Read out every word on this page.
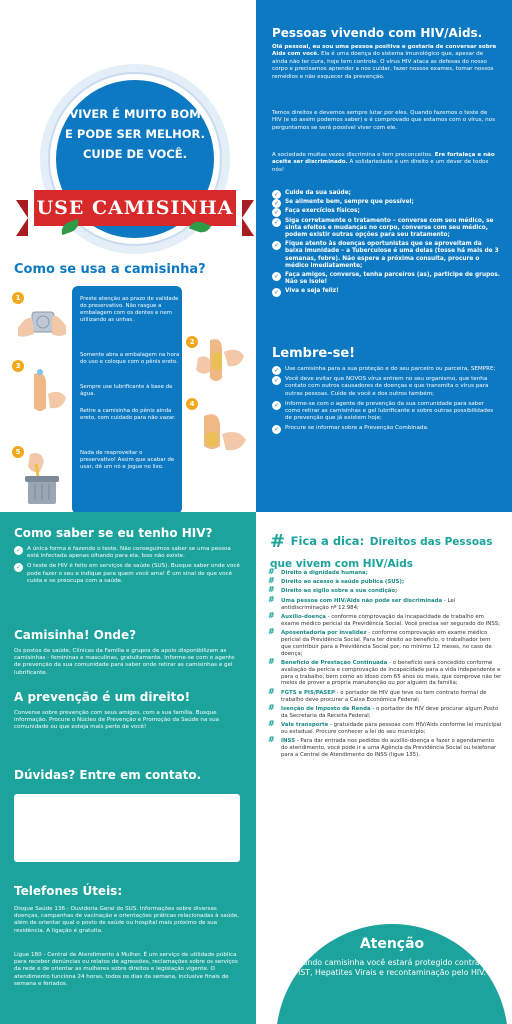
VIVER É MUITO BOM
E PODE SER MELHOR.
CUIDE DE VOCÊ.
USE CAMISINHA
Como se usa a camisinha?
Preste atenção ao prazo de validade do preservativo. Não rasgue a embalagem com os dentes e nem utilizando as unhas.
Somente abra a embalagem na hora do uso e coloque com o pênis ereto.
Sempre use lubrificante à base de água.
Retire a camisinha do pênis ainda ereto, com cuidado para não vazar.
Nada de reaproveitar o preservativo! Assim que acabar de usar, dê um nó e jogue no lixo.
1
2
3
4
5
Pessoas vivendo com HIV/Aids.
Olá pessoal, eu sou uma pessoa positiva e gostaria de conversar sobre Aids com você. Ela é uma doença do sistema imunológico que, apesar de ainda não ter cura, hoje tem controle. O vírus HIV ataca as defesas do nosso corpo e precisamos aprender a nos cuidar, fazer nossos exames, tomar nossos remédios e não esquecer da prevenção.
Temos direitos e devemos sempre lutar por eles. Quando fazemos o teste de HIV (e só assim podemos saber) e é comprovado que estamos com o vírus, nos perguntamos se será possível viver com ele.
A sociedade muitas vezes discrimina e tem preconceitos. Ere fortaleça e não aceite ser discriminado. A solidariedade é um direito e um dever de todos nós!
✓	Cuide da sua saúde;
✓	Se alimente bem, sempre que possível;
✓	Faça exercícios físicos;
✓	Siga corretamente o tratamento – converse com seu médico, se sinta efeitos e mudanças no corpo, converse com seu médico, podem existir outras opções para seu tratamento;
✓	Fique atento às doenças oportunistas que se aproveitam da baixa imunidade – a Tuberculose é uma delas (tosse há mais de 3 semanas, febre). Não espere a próxima consulta, procure o médico imediatamente;
✓	Faça amigos, converse, tenha parceiros (as), participe de grupos. Não se isole!
✓	Viva e seja feliz!
Lembre-se!
✓	Use camisinha para a sua proteção e do seu parceiro ou parceira, SEMPRE;
✓	Você deve evitar que NOVOS vírus entrem no seu organismo, que tenha contato com outros causadores de doenças e que transmita o vírus para outras pessoas. Cuide de você e dos outros também;
✓	Informe-se com o agente de prevenção da sua comunidade para saber como retirar as camisinhas e gel lubrificante e sobre outras possibilidades de prevenção que já existem hoje;
✓	Procure se informar sobre a Prevenção Combinada.
Como saber se eu tenho HIV?
✓	A única forma é fazendo o teste. Não conseguimos saber se uma pessoa está infectada apenas olhando para ela. Isso não existe.
✓	O teste de HIV é feito em serviços de saúde (SUS). Busque saber onde você pode fazer o seu e indique para quem você ama! É um sinal de que você cuida e se preocupa com a saúde.
Camisinha! Onde?
Os postos de saúde, Clínicas da Família e grupos de apoio disponibilizam as camisinhas - femininas e masculinas, gratuitamente. Informe-se com o agente de prevenção da sua comunidade para saber onde retirar as camisinhas e gel lubrificante.
A prevenção é um direito!
Converse sobre prevenção com seus amigos, com a sua família. Busque informação. Procure o Núcleo de Prevenção e Promoção da Saúde na sua comunidade ou que esteja mais perto de você!
Dúvidas? Entre em contato.
Telefones Úteis:
Disque Saúde 136 - Ouvidoria Geral do SUS. Informações sobre diversas doenças, campanhas de vacinação e orientações práticas relacionadas à saúde, além de orientar qual o posto de saúde ou hospital mais próximo de sua residência. A ligação é gratuita.
Ligue 180 - Central de Atendimento à Mulher. É um serviço de utilidade pública para receber denúncias ou relatos de agressões, reclamações sobre os serviços da rede e de orientar as mulheres sobre direitos e legislação vigente. O atendimento funciona 24 horas, todos os dias da semana, inclusive finais de semana e feriados.
# Fica a dica: Direitos das Pessoas que vivem com HIV/Aids
# Direito à dignidade humana;
# Direito ao acesso à saúde pública (SUS);
# Direito ao sigilo sobre a sua condição;
# Uma pessoa com HIV/Aids não pode ser discriminada - Lei antidiscriminação nº 12.984;
# Auxílio-doença - conforme comprovação da incapacidade de trabalho em exame médico pericial da Previdência Social. Você precisa ser segurado do INSS;
# Aposentadoria por invalidez - conforme comprovação em exame médico pericial da Previdência Social. Para ter direito ao benefício, o trabalhador tem que contribuir para a Previdência Social por, no mínimo 12 meses, no caso de doença;
# Benefício de Prestação Continuada - o benefício será concedido conforme avaliação da perícia e comprovação de incapacidade para a vida independente e para o trabalho, bem como ao idoso com 65 anos ou mais, que comprove não ter meios de prover a própria manutenção ou por alguém da família;
# FGTS e PIS/PASEP - o portador de HIV que teve ou tem contrato formal de trabalho deve procurar a Caixa Econômica Federal;
# Isenção de Imposto de Renda - o portador de HIV deve procurar algum Posto da Secretaria da Receita Federal;
# Vale transporte - gratuidade para pessoas com HIV/Aids conforme lei municipal ou estadual. Procure conhecer a lei do seu município;
# INSS - Para dar entrada nos pedidos do auxílio-doença e fazer o agendamento do atendimento, você pode ir a uma Agência da Previdência Social ou telefonar para a Central de Atendimento do INSS (ligue 135).
Atenção
Usando camisinha você estará protegido contra as IST, Hepatites Virais e recontaminação pelo HIV.
